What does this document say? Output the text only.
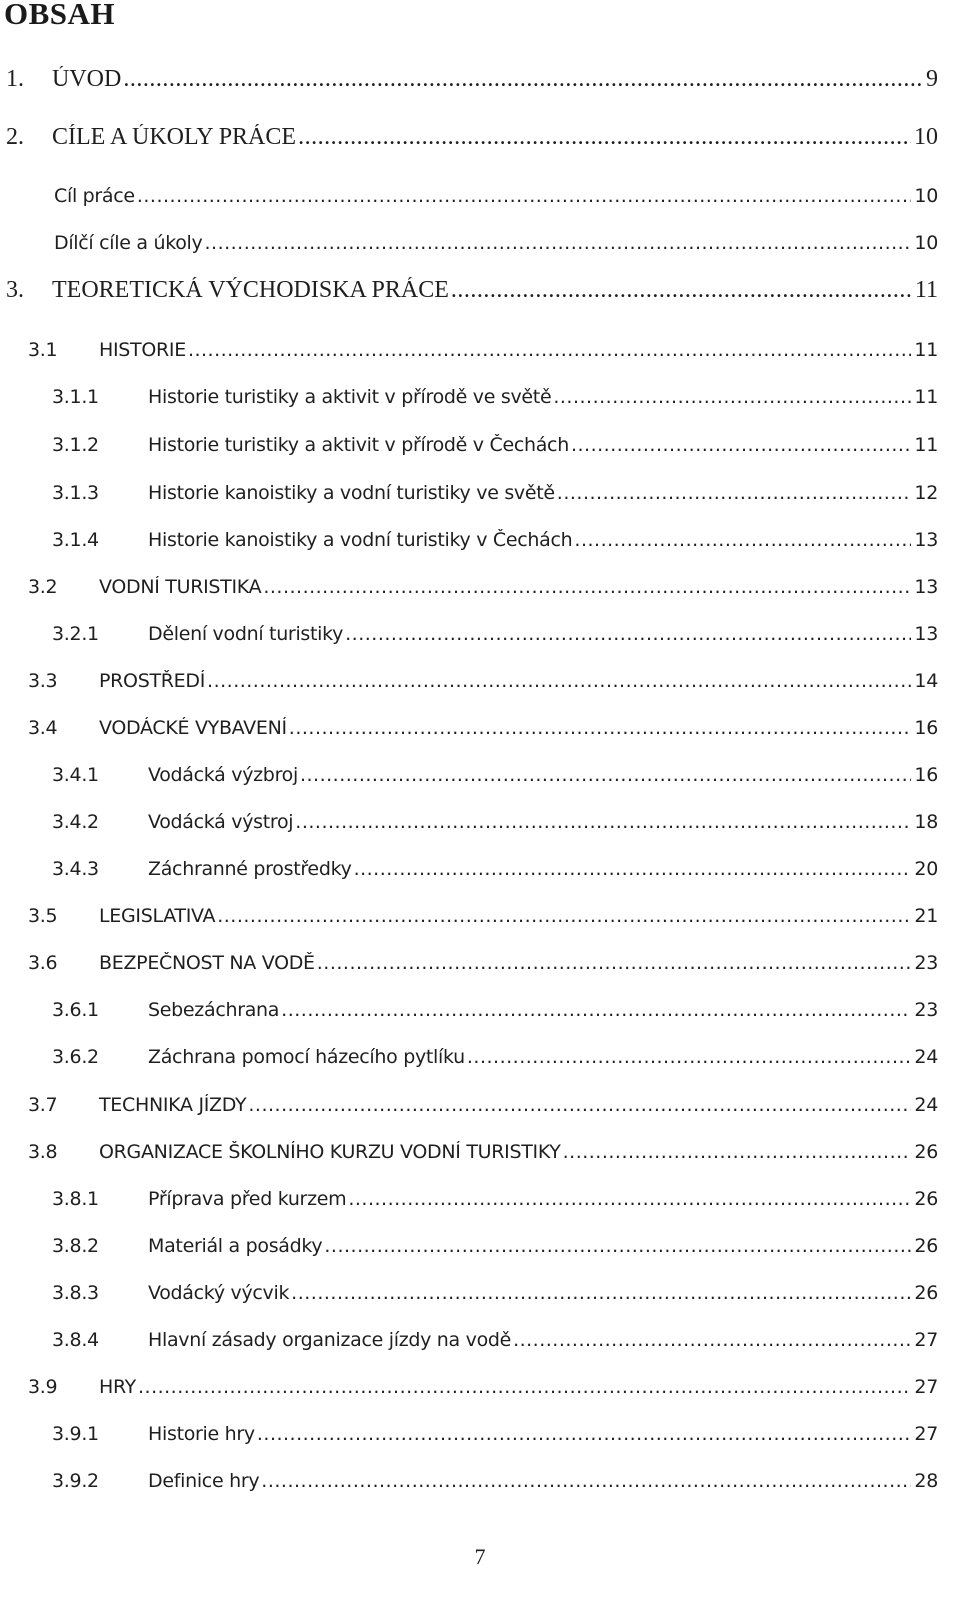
OBSAH
1.	ÚVOD .....	9
2.	CÍLE A ÚKOLY PRÁCE .....	10
Cíl práce .....	10
Dílčí cíle a úkoly .....	10
3.	TEORETICKÁ VÝCHODISKA PRÁCE .....	11
3.1	HISTORIE .....	11
3.1.1	Historie turistiky a aktivit v přírodě ve světě .....	11
3.1.2	Historie turistiky a aktivit v přírodě v Čechách .....	11
3.1.3	Historie kanoistiky a vodní turistiky ve světě .....	12
3.1.4	Historie kanoistiky a vodní turistiky v Čechách .....	13
3.2	VODNÍ TURISTIKA .....	13
3.2.1	Dělení vodní turistiky .....	13
3.3	PROSTŘEDÍ .....	14
3.4	VODÁCKÉ VYBAVENÍ .....	16
3.4.1	Vodácká výzbroj .....	16
3.4.2	Vodácká výstroj .....	18
3.4.3	Záchranné prostředky .....	20
3.5	LEGISLATIVA .....	21
3.6	BEZPEČNOST NA VODĚ .....	23
3.6.1	Sebezáchrana .....	23
3.6.2	Záchrana pomocí házecího pytlíku .....	24
3.7	TECHNIKA JÍZDY .....	24
3.8	ORGANIZACE ŠKOLNÍHO KURZU VODNÍ TURISTIKY .....	26
3.8.1	Příprava před kurzem .....	26
3.8.2	Materiál a posádky .....	26
3.8.3	Vodácký výcvik .....	26
3.8.4	Hlavní zásady organizace jízdy na vodě .....	27
3.9	HRY .....	27
3.9.1	Historie hry .....	27
3.9.2	Definice hry .....	28
7
